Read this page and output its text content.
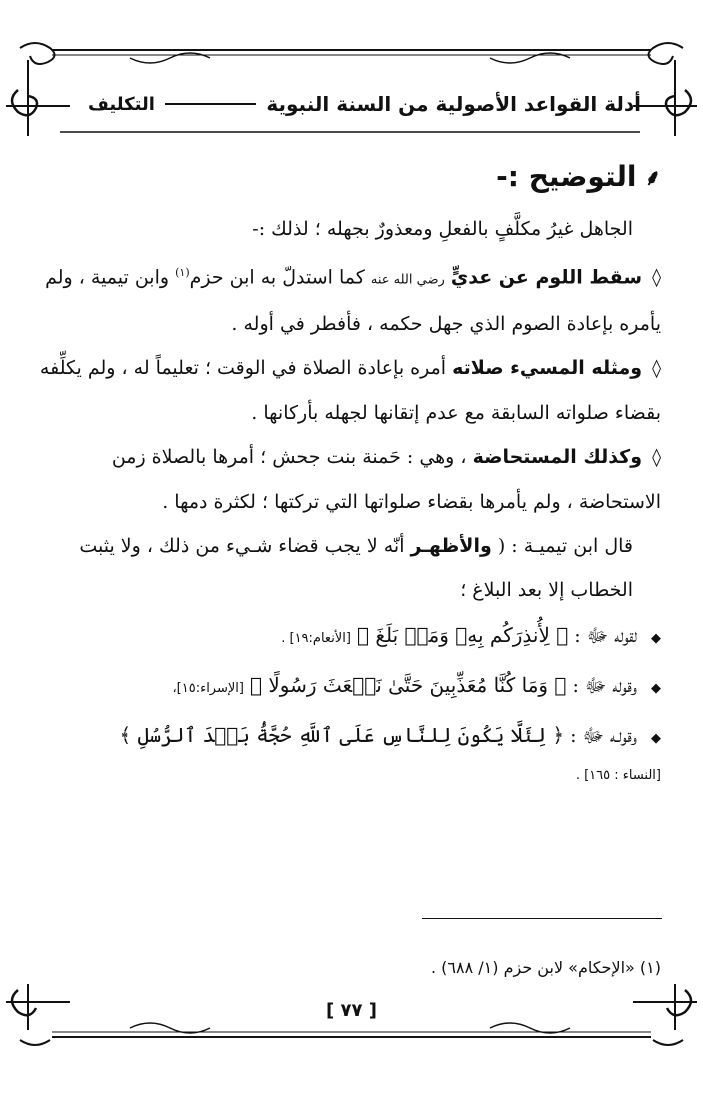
أدلة القواعد الأصولية من السنة النبوية
التكليف
⸙
التوضيح :-

الجاهل غيرُ مكلَّفٍ بالفعلِ ومعذورٌ بجهله ؛ لذلك :-

◊ سقط اللوم عن عديٍّ رضي الله عنه كما استدلّ به ابن حزم$^{(١)}$ وابن تيمية ، ولم يأمره بإعادة الصوم الذي جهل حكمه ، فأفطر في أوله .

◊ ومثله المسيء صلاته أمره بإعادة الصلاة في الوقت ؛ تعليماً له ، ولم يكلِّفه بقضاء صلواته السابقة مع عدم إتقانها لجهله بأركانها .

◊ وكذلك المستحاضة ، وهي : حَمنة بنت جحش ؛ أمرها بالصلاة زمن الاستحاضة ، ولم يأمرها بقضاء صلواتها التي تركتها ؛ لكثرة دمها .

قال ابن تيميـة : ( والأظهـر أنّه لا يجب قضاء شـيء من ذلك ، ولا يثبت الخطاب إلا بعد البلاغ ؛

◆لقوله ﷻ : ﴿ لِأُنذِرَكُم بِهِۦ وَمَنۢ بَلَغَ ﴾ [الأنعام:١٩] .
◆وقوله ﷻ : ﴿ وَمَا كُنَّا مُعَذِّبِينَ حَتَّىٰ نَبۡعَثَ رَسُولًا ﴾ [الإسراء:١٥]،
◆وقولـه ﷻ : ﴿ لِئَلَّا يَكُونَ لِلنَّاسِ عَلَى ٱللَّهِ حُجَّةُۢ بَعۡدَ ٱلرُّسُلِ ﴾
[النساء : ١٦٥] .
(١) «الإحكام» لابن حزم (١/ ٦٨٨) .
[ ٧٧ ]
